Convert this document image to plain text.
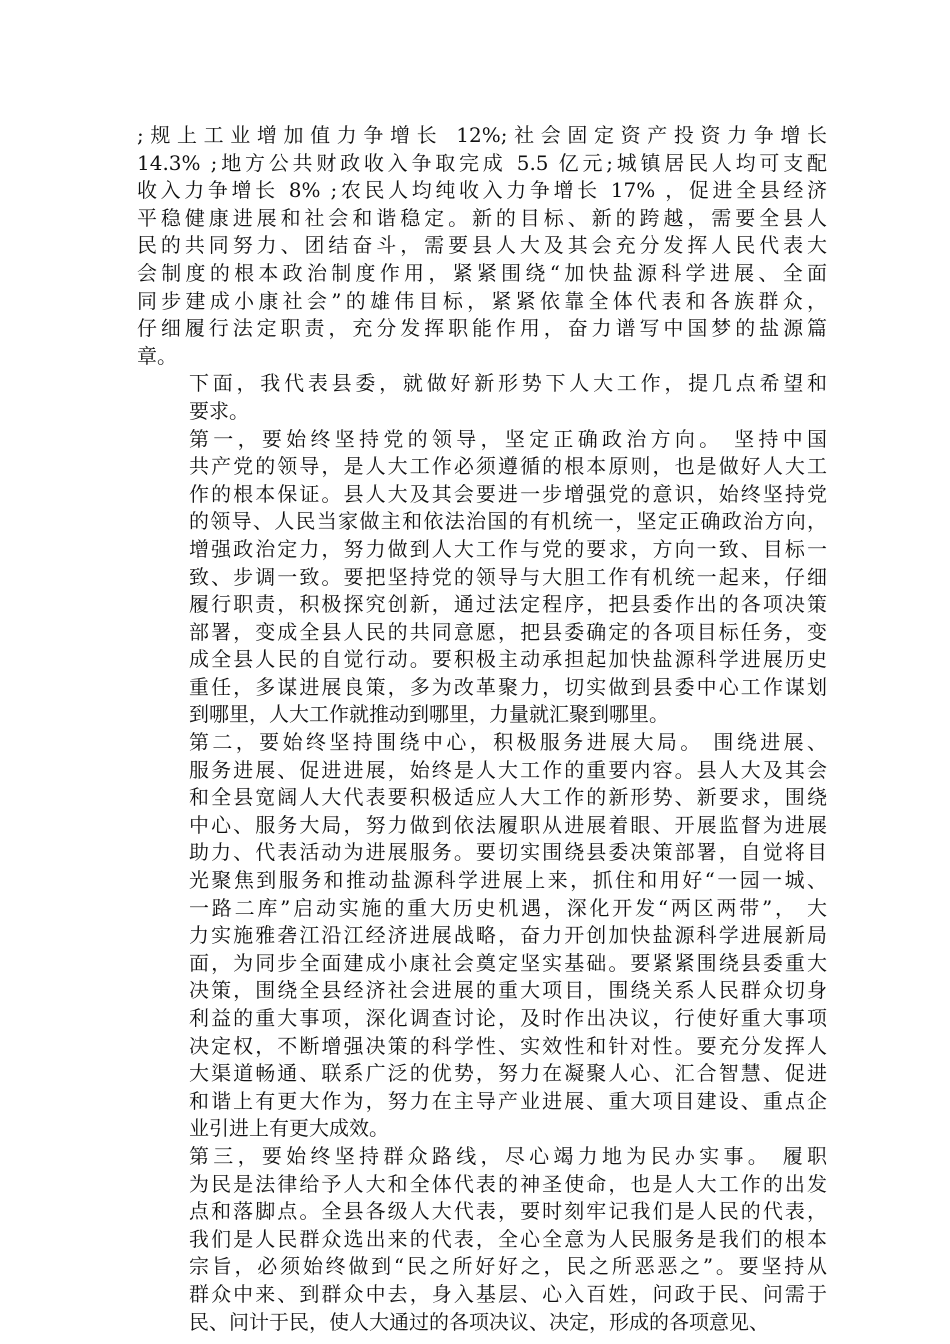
;规上工业增加值力争增长 12%;社会固定资产投资力争增长
14.3% ;地方公共财政收入争取完成 5.5 亿元;城镇居民人均可支配
收入力争增长 8% ;农民人均纯收入力争增长 17% ，促进全县经济
平稳健康进展和社会和谐稳定。新的目标、新的跨越，需要全县人
民的共同努力、团结奋斗，需要县人大及其会充分发挥人民代表大
会制度的根本政治制度作用，紧紧围绕“加快盐源科学进展、全面
同步建成小康社会”的雄伟目标，紧紧依靠全体代表和各族群众，
仔细履行法定职责，充分发挥职能作用，奋力谱写中国梦的盐源篇
章。
下面，我代表县委，就做好新形势下人大工作，提几点希望和
要求。
第一，要始终坚持党的领导，坚定正确政治方向。 坚持中国
共产党的领导，是人大工作必须遵循的根本原则，也是做好人大工
作的根本保证。县人大及其会要进一步增强党的意识，始终坚持党
的领导、人民当家做主和依法治国的有机统一，坚定正确政治方向，
增强政治定力，努力做到人大工作与党的要求，方向一致、目标一
致、步调一致。要把坚持党的领导与大胆工作有机统一起来，仔细
履行职责，积极探究创新，通过法定程序，把县委作出的各项决策
部署，变成全县人民的共同意愿，把县委确定的各项目标任务，变
成全县人民的自觉行动。要积极主动承担起加快盐源科学进展历史
重任，多谋进展良策，多为改革聚力，切实做到县委中心工作谋划
到哪里，人大工作就推动到哪里，力量就汇聚到哪里。
第二，要始终坚持围绕中心，积极服务进展大局。 围绕进展、
服务进展、促进进展，始终是人大工作的重要内容。县人大及其会
和全县宽阔人大代表要积极适应人大工作的新形势、新要求，围绕
中心、服务大局，努力做到依法履职从进展着眼、开展监督为进展
助力、代表活动为进展服务。要切实围绕县委决策部署，自觉将目
光聚焦到服务和推动盐源科学进展上来，抓住和用好“一园一城、
一路二库”启动实施的重大历史机遇，深化开发“两区两带”， 大
力实施雅砻江沿江经济进展战略，奋力开创加快盐源科学进展新局
面，为同步全面建成小康社会奠定坚实基础。要紧紧围绕县委重大
决策，围绕全县经济社会进展的重大项目，围绕关系人民群众切身
利益的重大事项，深化调查讨论，及时作出决议，行使好重大事项
决定权，不断增强决策的科学性、实效性和针对性。要充分发挥人
大渠道畅通、联系广泛的优势，努力在凝聚人心、汇合智慧、促进
和谐上有更大作为，努力在主导产业进展、重大项目建设、重点企
业引进上有更大成效。
第三，要始终坚持群众路线，尽心竭力地为民办实事。 履职
为民是法律给予人大和全体代表的神圣使命，也是人大工作的出发
点和落脚点。全县各级人大代表，要时刻牢记我们是人民的代表，
我们是人民群众选出来的代表，全心全意为人民服务是我们的根本
宗旨，必须始终做到“民之所好好之，民之所恶恶之”。要坚持从
群众中来、到群众中去，身入基层、心入百姓，问政于民、问需于
民、问计于民，使人大通过的各项决议、决定，形成的各项意见、
